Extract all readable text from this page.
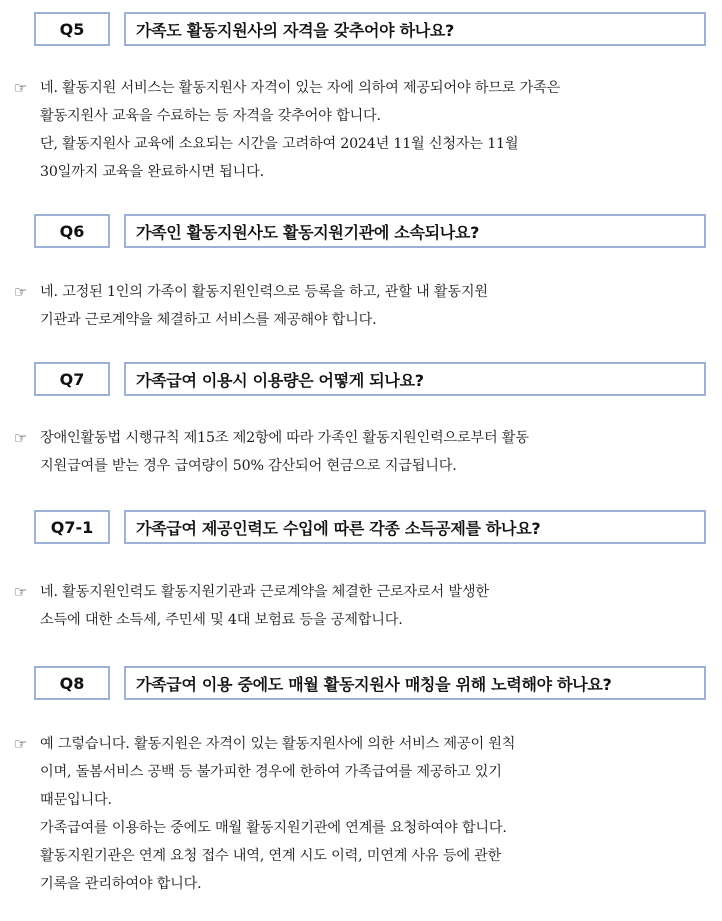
Q5	가족도 활동지원사의 자격을 갖추어야 하나요?
☞ 네. 활동지원 서비스는 활동지원사 자격이 있는 자에 의하여 제공되어야 하므로 가족은
활동지원사 교육을 수료하는 등 자격을 갖추어야 합니다.
단, 활동지원사 교육에 소요되는 시간을 고려하여 2024년 11월 신청자는 11월
30일까지 교육을 완료하시면 됩니다.
Q6	가족인 활동지원사도 활동지원기관에 소속되나요?
☞ 네. 고정된 1인의 가족이 활동지원인력으로 등록을 하고, 관할 내 활동지원
기관과 근로계약을 체결하고 서비스를 제공해야 합니다.
Q7	가족급여 이용시 이용량은 어떻게 되나요?
☞ 장애인활동법 시행규칙 제15조 제2항에 따라 가족인 활동지원인력으로부터 활동
지원급여를 받는 경우 급여량이 50% 감산되어 현금으로 지급됩니다.
Q7-1	가족급여 제공인력도 수입에 따른 각종 소득공제를 하나요?
☞ 네. 활동지원인력도 활동지원기관과 근로계약을 체결한 근로자로서 발생한
소득에 대한 소득세, 주민세 및 4대 보험료 등을 공제합니다.
Q8	가족급여 이용 중에도 매월 활동지원사 매칭을 위해 노력해야 하나요?
☞ 예 그렇습니다. 활동지원은 자격이 있는 활동지원사에 의한 서비스 제공이 원칙
이며, 돌봄서비스 공백 등 불가피한 경우에 한하여 가족급여를 제공하고 있기
때문입니다.
가족급여를 이용하는 중에도 매월 활동지원기관에 연계를 요청하여야 합니다.
활동지원기관은 연계 요청 접수 내역, 연계 시도 이력, 미연계 사유 등에 관한
기록을 관리하여야 합니다.
